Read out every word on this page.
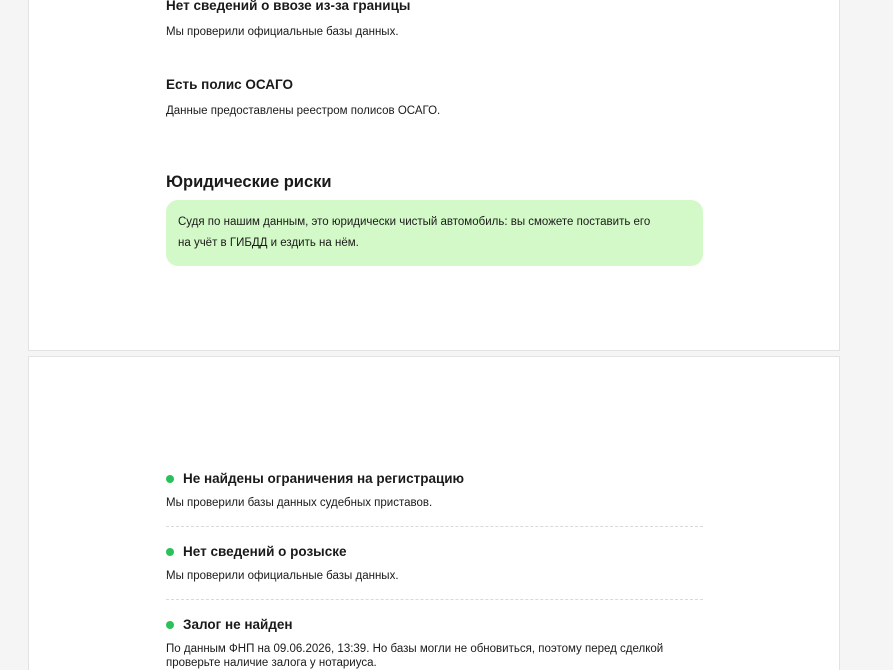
Нет сведений о ввозе из-за границы

Мы проверили официальные базы данных.

Есть полис ОСАГО

Данные предоставлены реестром полисов ОСАГО.

Юридические риски
Судя по нашим данным, это юридически чистый автомобиль: вы сможете поставить его
на учёт в ГИБДД и ездить на нём.

Не найдены ограничения на регистрацию

Мы проверили базы данных судебных приставов.

Нет сведений о розыске

Мы проверили официальные базы данных.

Залог не найден

По данным ФНП на 09.06.2026, 13:39. Но базы могли не обновиться, поэтому перед сделкой проверьте наличие залога у нотариуса.
